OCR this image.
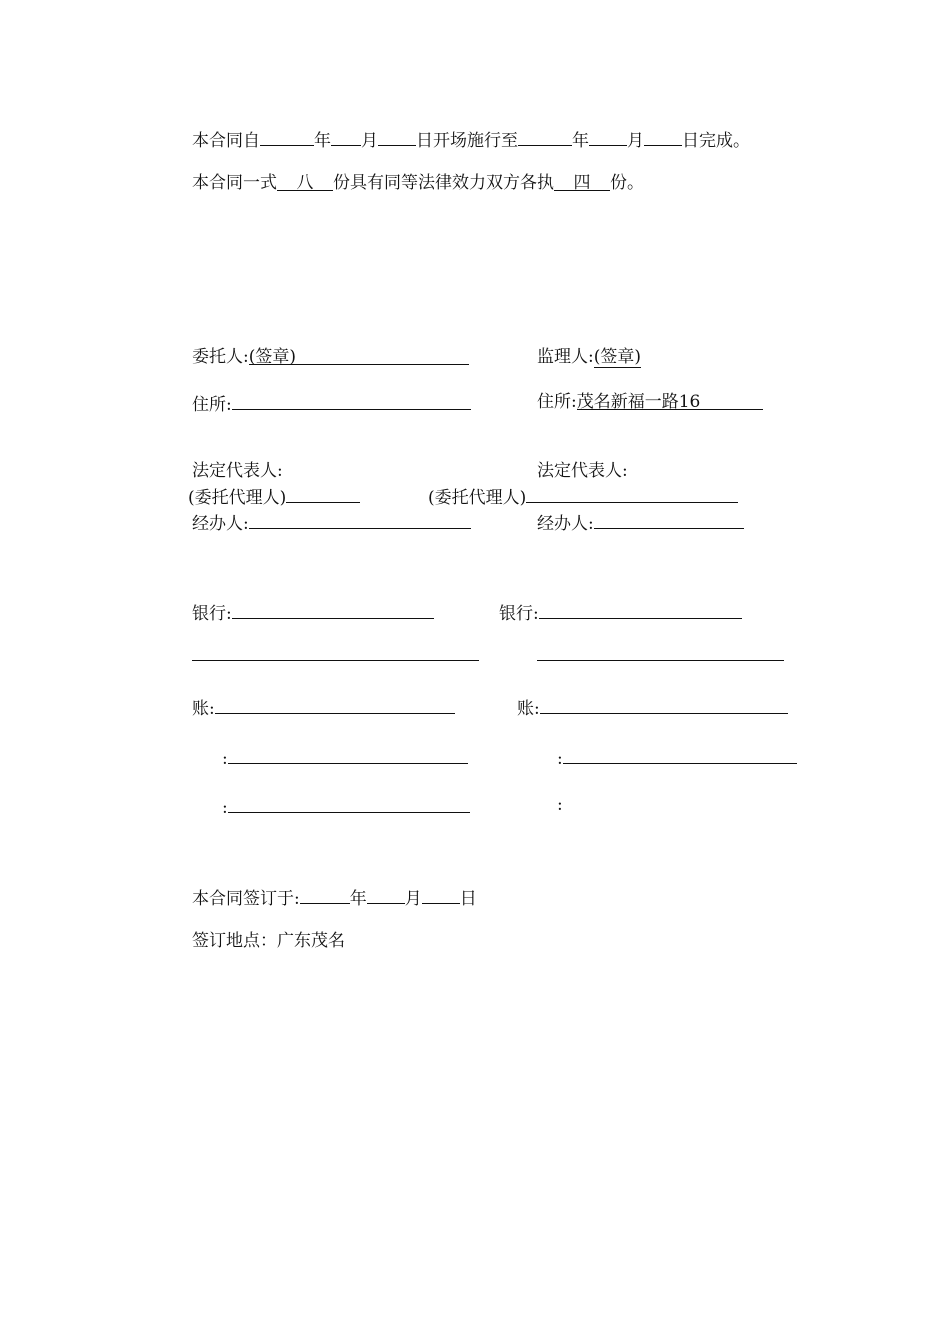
本合同自	年 月 日开场施行至	年 月 日完成。
本合同一式 八 份具有同等法律效力双方各执 四 份。
委托人:(签章)	监理人:(签章)
住所:	住所:茂名新福一路16
法定代表人:	法定代表人:
(委托代理人)	(委托代理人)
经办人:	经办人:
银行:	银行:
账:	账:
:	:
:	:
本合同签订于:	年 月 日
签订地点：广东茂名
